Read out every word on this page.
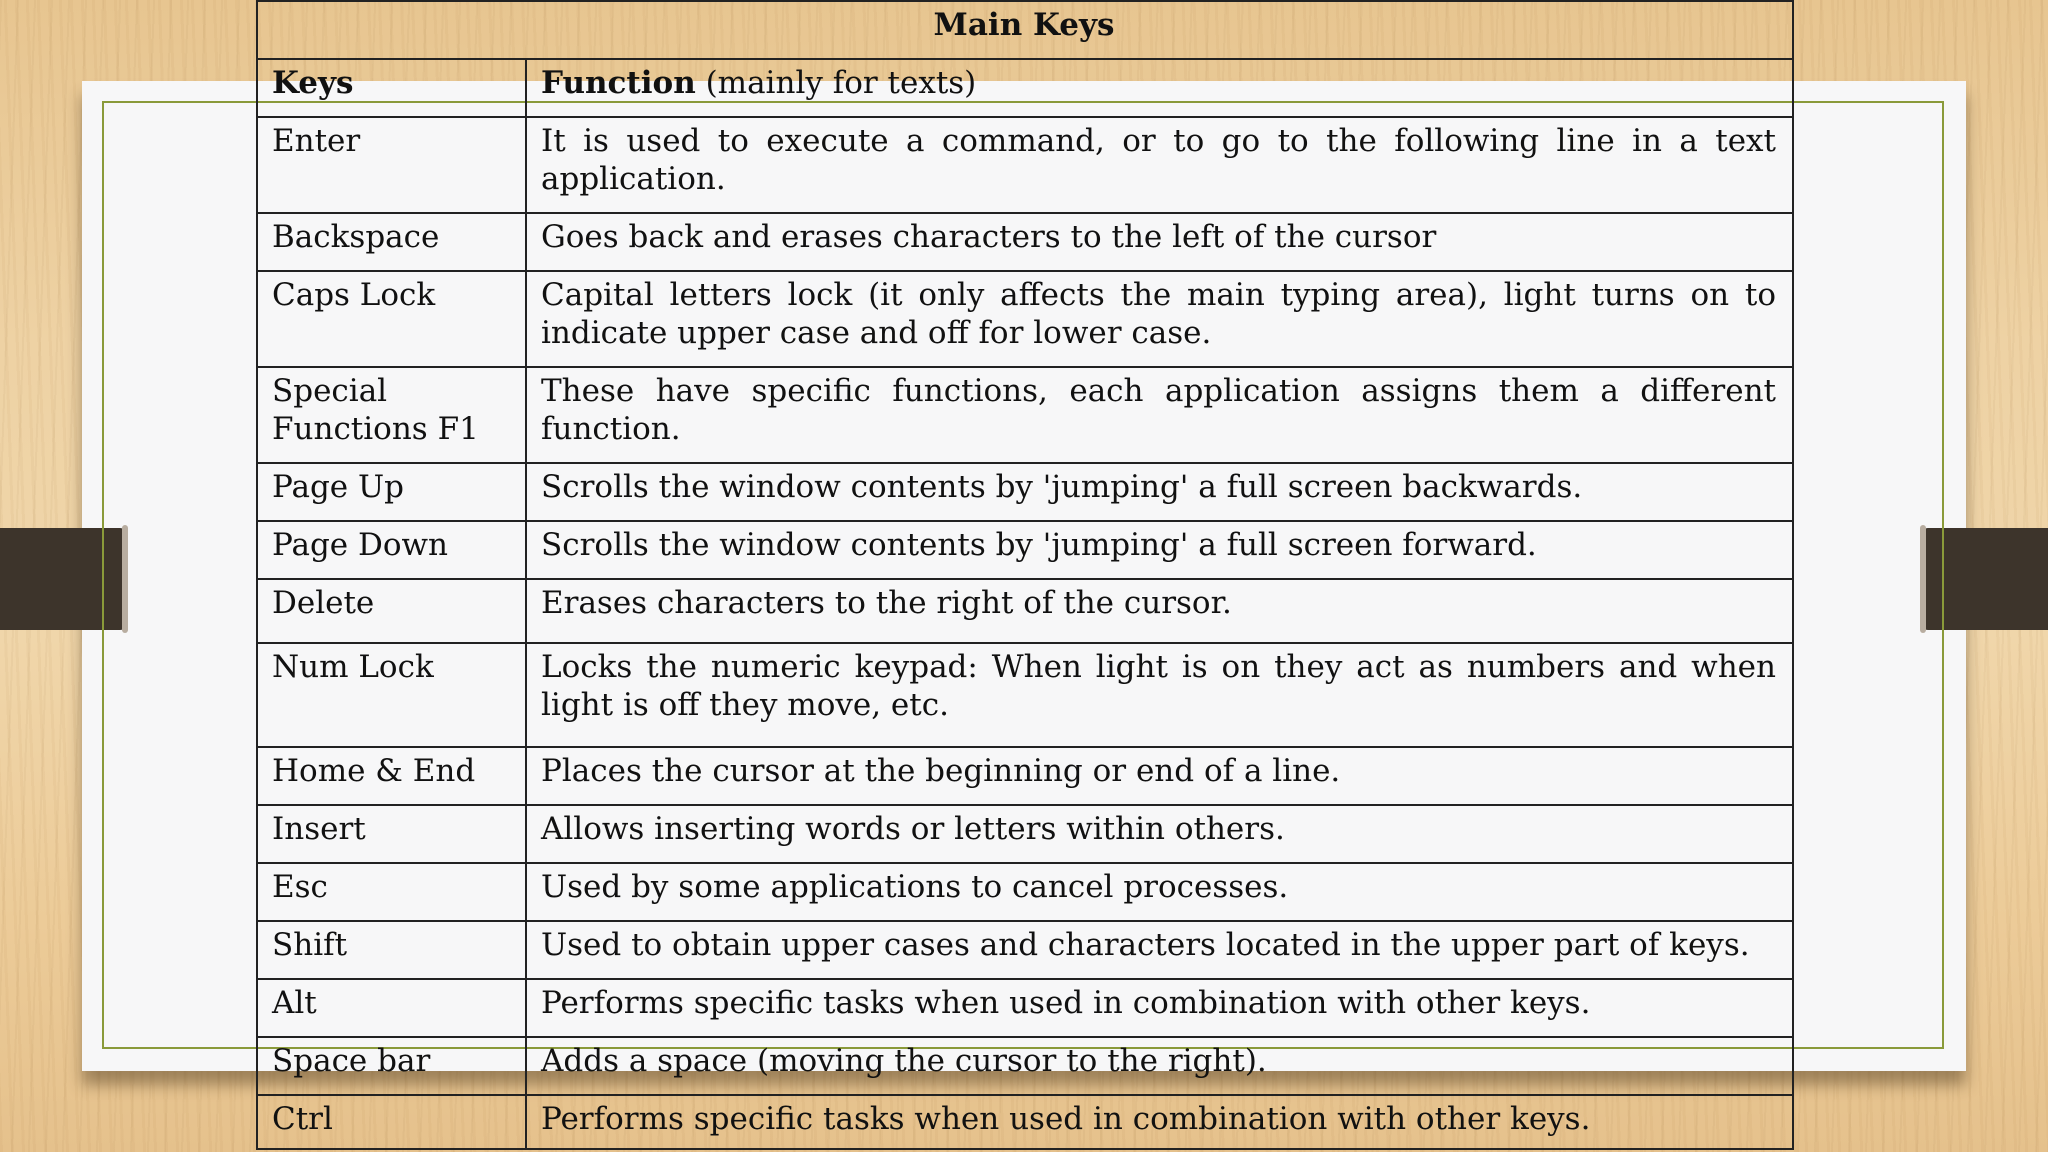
Main Keys	
Keys	Function (mainly for texts)
Enter	It is used to execute a command, or to go to the following line in a text application.
Backspace	Goes back and erases characters to the left of the cursor
Caps Lock	Capital letters lock (it only affects the main typing area), light turns on to indicate upper case and off for lower case.
Special Functions F1	These have specific functions, each application assigns them a different function.
Page Up	Scrolls the window contents by 'jumping' a full screen backwards.
Page Down	Scrolls the window contents by 'jumping' a full screen forward.
Delete	Erases characters to the right of the cursor.
Num Lock	Locks the numeric keypad: When light is on they act as numbers and when light is off they move, etc.
Home & End	Places the cursor at the beginning or end of a line.
Insert	Allows inserting words or letters within others.
Esc	Used by some applications to cancel processes.
Shift	Used to obtain upper cases and characters located in the upper part of keys.
Alt	Performs specific tasks when used in combination with other keys.
Space bar	Adds a space (moving the cursor to the right).
Ctrl	Performs specific tasks when used in combination with other keys.
